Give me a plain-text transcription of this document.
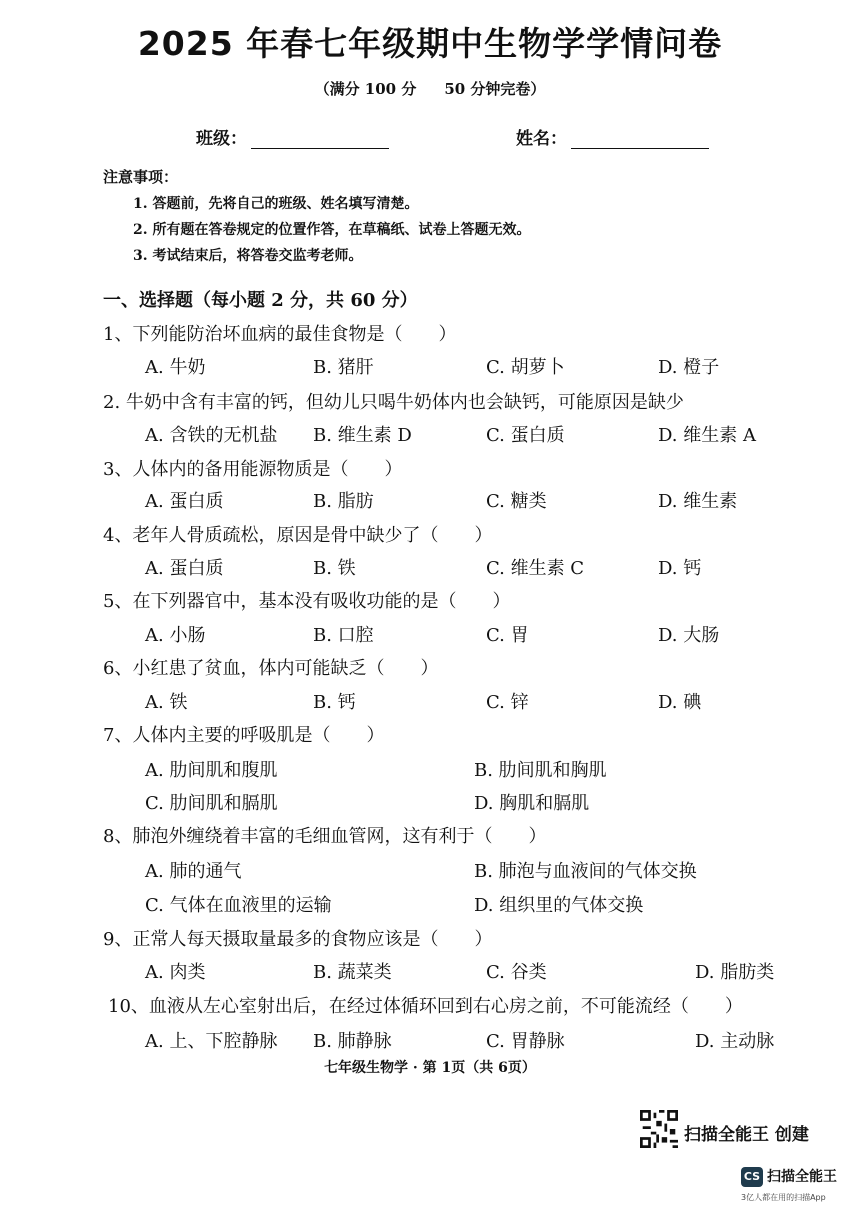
2025 年春七年级期中生物学学情问卷
（满分 100 分 50 分钟完卷）
班级：	姓名：
注意事项：
1. 答题前，先将自己的班级、姓名填写清楚。
2. 所有题在答卷规定的位置作答，在草稿纸、试卷上答题无效。
3. 考试结束后，将答卷交监考老师。
一、选择题（每小题 2 分，共 60 分）
1、下列能防治坏血病的最佳食物是（　　）
A. 牛奶	B. 猪肝	C. 胡萝卜	D. 橙子
2. 牛奶中含有丰富的钙，但幼儿只喝牛奶体内也会缺钙，可能原因是缺少
A. 含铁的无机盐 B. 维生素 D	C. 蛋白质	D. 维生素 A
3、人体内的备用能源物质是（　　）
A. 蛋白质	B. 脂肪	C. 糖类	D. 维生素
4、老年人骨质疏松，原因是骨中缺少了（　　）
A. 蛋白质	B. 铁	C. 维生素 C	D. 钙
5、在下列器官中，基本没有吸收功能的是（　　）
A. 小肠	B. 口腔	C. 胃	D. 大肠
6、小红患了贫血，体内可能缺乏（　　）
A. 铁	B. 钙	C. 锌	D. 碘
7、人体内主要的呼吸肌是（　　）
A. 肋间肌和腹肌	B. 肋间肌和胸肌
C. 肋间肌和膈肌	D. 胸肌和膈肌
8、肺泡外缠绕着丰富的毛细血管网，这有利于（　　）
A. 肺的通气	B. 肺泡与血液间的气体交换
C. 气体在血液里的运输	D. 组织里的气体交换
9、正常人每天摄取量最多的食物应该是（　　）
A. 肉类	B. 蔬菜类	C. 谷类	D. 脂肪类
10、血液从左心室射出后，在经过体循环回到右心房之前，不可能流经（　　）
A. 上、下腔静脉 B. 肺静脉	C. 胃静脉	D. 主动脉
七年级生物学 · 第 1页（共 6页）
扫描全能王 创建
CS 扫描全能王
3亿人都在用的扫描App
